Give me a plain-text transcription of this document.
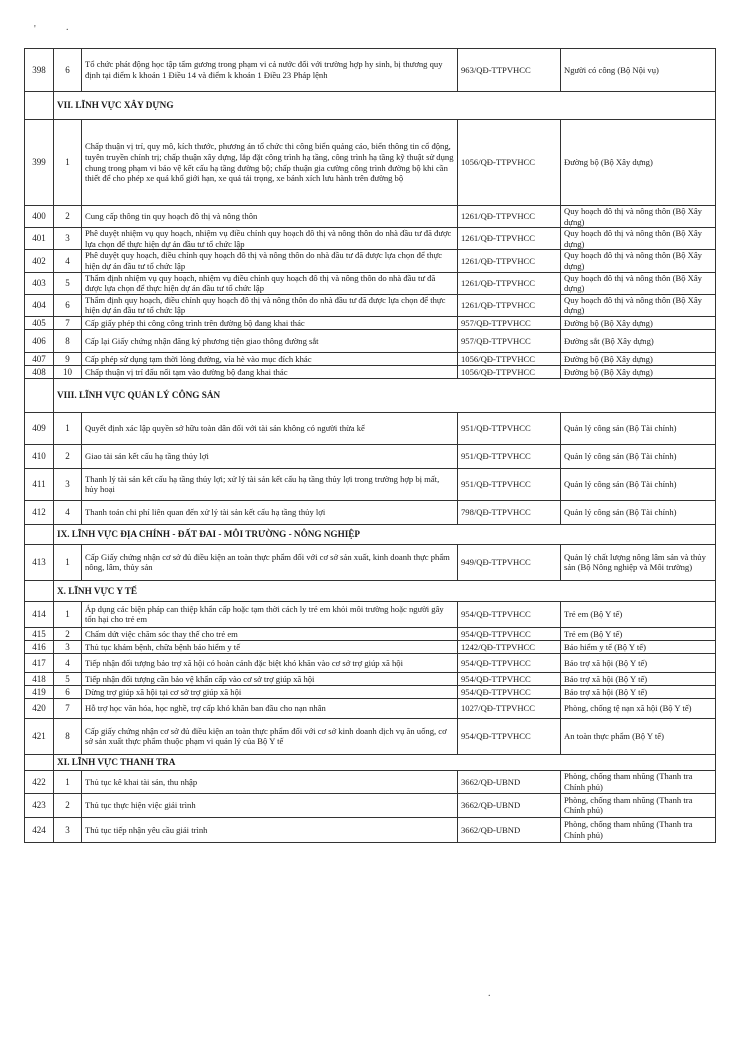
'	.
398	6	Tổ chức phát động học tập tấm gương trong phạm vi cả nước đối với trường hợp hy sinh, bị thương quy định tại điểm k khoản 1 Điều 14 và điểm k khoản 1 Điều 23 Pháp lệnh	963/QĐ-TTPVHCC	Người có công (Bộ Nội vụ)
	VII. LĨNH VỰC XÂY DỰNG			
399	1	Chấp thuận vị trí, quy mô, kích thước, phương án tổ chức thi công biển quảng cáo, biển thông tin cổ động, tuyên truyền chính trị; chấp thuận xây dựng, lắp đặt công trình hạ tầng, công trình hạ tầng kỹ thuật sử dụng chung trong phạm vi bảo vệ kết cấu hạ tầng đường bộ; chấp thuận gia cường công trình đường bộ khi cần thiết để cho phép xe quá khổ giới hạn, xe quá tải trọng, xe bánh xích lưu hành trên đường bộ	1056/QĐ-TTPVHCC	Đường bộ (Bộ Xây dựng)
400	2	Cung cấp thông tin quy hoạch đô thị và nông thôn	1261/QĐ-TTPVHCC	Quy hoạch đô thị và nông thôn (Bộ Xây dựng)
401	3	Phê duyệt nhiệm vụ quy hoạch, nhiệm vụ điều chỉnh quy hoạch đô thị và nông thôn do nhà đầu tư đã được lựa chọn để thực hiện dự án đầu tư tổ chức lập	1261/QĐ-TTPVHCC	Quy hoạch đô thị và nông thôn (Bộ Xây dựng)
402	4	Phê duyệt quy hoạch, điều chỉnh quy hoạch đô thị và nông thôn do nhà đầu tư đã được lựa chọn để thực hiện dự án đầu tư tổ chức lập	1261/QĐ-TTPVHCC	Quy hoạch đô thị và nông thôn (Bộ Xây dựng)
403	5	Thẩm định nhiệm vụ quy hoạch, nhiệm vụ điều chỉnh quy hoạch đô thị và nông thôn do nhà đầu tư đã được lựa chọn để thực hiện dự án đầu tư tổ chức lập	1261/QĐ-TTPVHCC	Quy hoạch đô thị và nông thôn (Bộ Xây dựng)
404	6	Thẩm định quy hoạch, điều chỉnh quy hoạch đô thị và nông thôn do nhà đầu tư đã được lựa chọn để thực hiện dự án đầu tư tổ chức lập	1261/QĐ-TTPVHCC	Quy hoạch đô thị và nông thôn (Bộ Xây dựng)
405	7	Cấp giấy phép thi công công trình trên đường bộ đang khai thác	957/QĐ-TTPVHCC	Đường bộ (Bộ Xây dựng)
406	8	Cấp lại Giấy chứng nhận đăng ký phương tiện giao thông đường sắt	957/QĐ-TTPVHCC	Đường sắt (Bộ Xây dựng)
407	9	Cấp phép sử dụng tạm thời lòng đường, vỉa hè vào mục đích khác	1056/QĐ-TTPVHCC	Đường bộ (Bộ Xây dựng)
408	10	Chấp thuận vị trí đấu nối tạm vào đường bộ đang khai thác	1056/QĐ-TTPVHCC	Đường bộ (Bộ Xây dựng)
	VIII. LĨNH VỰC QUẢN LÝ CÔNG SẢN			
409	1	Quyết định xác lập quyền sở hữu toàn dân đối với tài sản không có người thừa kế	951/QĐ-TTPVHCC	Quản lý công sản (Bộ Tài chính)
410	2	Giao tài sản kết cấu hạ tầng thủy lợi	951/QĐ-TTPVHCC	Quản lý công sản (Bộ Tài chính)
411	3	Thanh lý tài sản kết cấu hạ tầng thủy lợi; xử lý tài sản kết cấu hạ tầng thủy lợi trong trường hợp bị mất, hủy hoại	951/QĐ-TTPVHCC	Quản lý công sản (Bộ Tài chính)
412	4	Thanh toán chi phí liên quan đến xử lý tài sản kết cấu hạ tầng thủy lợi	798/QĐ-TTPVHCC	Quản lý công sản (Bộ Tài chính)
	IX. LĨNH VỰC ĐỊA CHÍNH - ĐẤT ĐAI - MÔI TRƯỜNG - NÔNG NGHIỆP			
413	1	Cấp Giấy chứng nhận cơ sở đủ điều kiện an toàn thực phẩm đối với cơ sở sản xuất, kinh doanh thực phẩm nông, lâm, thủy sản	949/QĐ-TTPVHCC	Quản lý chất lượng nông lâm sản và thủy sản (Bộ Nông nghiệp và Môi trường)
	X. LĨNH VỰC Y TẾ			
414	1	Áp dụng các biện pháp can thiệp khẩn cấp hoặc tạm thời cách ly trẻ em khỏi môi trường hoặc người gây tổn hại cho trẻ em	954/QĐ-TTPVHCC	Trẻ em (Bộ Y tế)
415	2	Chấm dứt việc chăm sóc thay thế cho trẻ em	954/QĐ-TTPVHCC	Trẻ em (Bộ Y tế)
416	3	Thủ tục khám bệnh, chữa bệnh bảo hiểm y tế	1242/QĐ-TTPVHCC	Bảo hiểm y tế (Bộ Y tế)
417	4	Tiếp nhận đối tượng bảo trợ xã hội có hoàn cảnh đặc biệt khó khăn vào cơ sở trợ giúp xã hội	954/QĐ-TTPVHCC	Bảo trợ xã hội (Bộ Y tế)
418	5	Tiếp nhận đối tượng cần bảo vệ khẩn cấp vào cơ sở trợ giúp xã hội	954/QĐ-TTPVHCC	Bảo trợ xã hội (Bộ Y tế)
419	6	Dừng trợ giúp xã hội tại cơ sở trợ giúp xã hội	954/QĐ-TTPVHCC	Bảo trợ xã hội (Bộ Y tế)
420	7	Hỗ trợ học văn hóa, học nghề, trợ cấp khó khăn ban đầu cho nạn nhân	1027/QĐ-TTPVHCC	Phòng, chống tệ nạn xã hội (Bộ Y tế)
421	8	Cấp giấy chứng nhận cơ sở đủ điều kiện an toàn thực phẩm đối với cơ sở kinh doanh dịch vụ ăn uống, cơ sở sản xuất thực phẩm thuộc phạm vi quản lý của Bộ Y tế	954/QĐ-TTPVHCC	An toàn thực phẩm (Bộ Y tế)
	XI. LĨNH VỰC THANH TRA			
422	1	Thủ tục kê khai tài sản, thu nhập	3662/QĐ-UBND	Phòng, chống tham nhũng (Thanh tra Chính phủ)
423	2	Thủ tục thực hiện việc giải trình	3662/QĐ-UBND	Phòng, chống tham nhũng (Thanh tra Chính phủ)
424	3	Thủ tục tiếp nhận yêu cầu giải trình	3662/QĐ-UBND	Phòng, chống tham nhũng (Thanh tra Chính phủ)
.
